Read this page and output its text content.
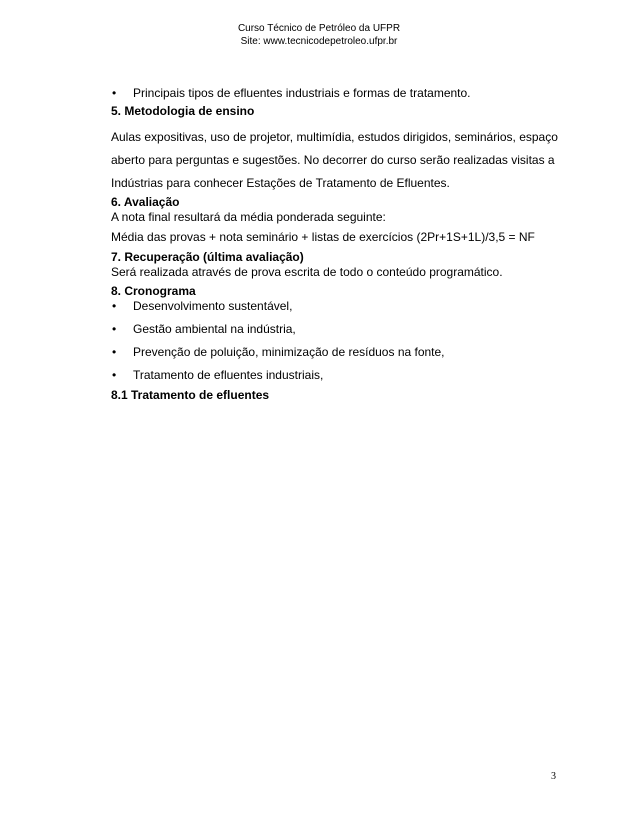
Curso Técnico de Petróleo da UFPR
Site: www.tecnicodepetroleo.ufpr.br
• Principais tipos de efluentes industriais e formas de tratamento.
5. Metodologia de ensino
Aulas expositivas, uso de projetor, multimídia, estudos dirigidos, seminários, espaço
aberto para perguntas e sugestões. No decorrer do curso serão realizadas visitas a
Indústrias para conhecer Estações de Tratamento de Efluentes.
6. Avaliação
A nota final resultará da média ponderada seguinte:
Média das provas + nota seminário + listas de exercícios (2Pr+1S+1L)/3,5 = NF
7. Recuperação (última avaliação)
Será realizada através de prova escrita de todo o conteúdo programático.
8. Cronograma
• Desenvolvimento sustentável,
• Gestão ambiental na indústria,
• Prevenção de poluição, minimização de resíduos na fonte,
• Tratamento de efluentes industriais,
8.1 Tratamento de efluentes
3
